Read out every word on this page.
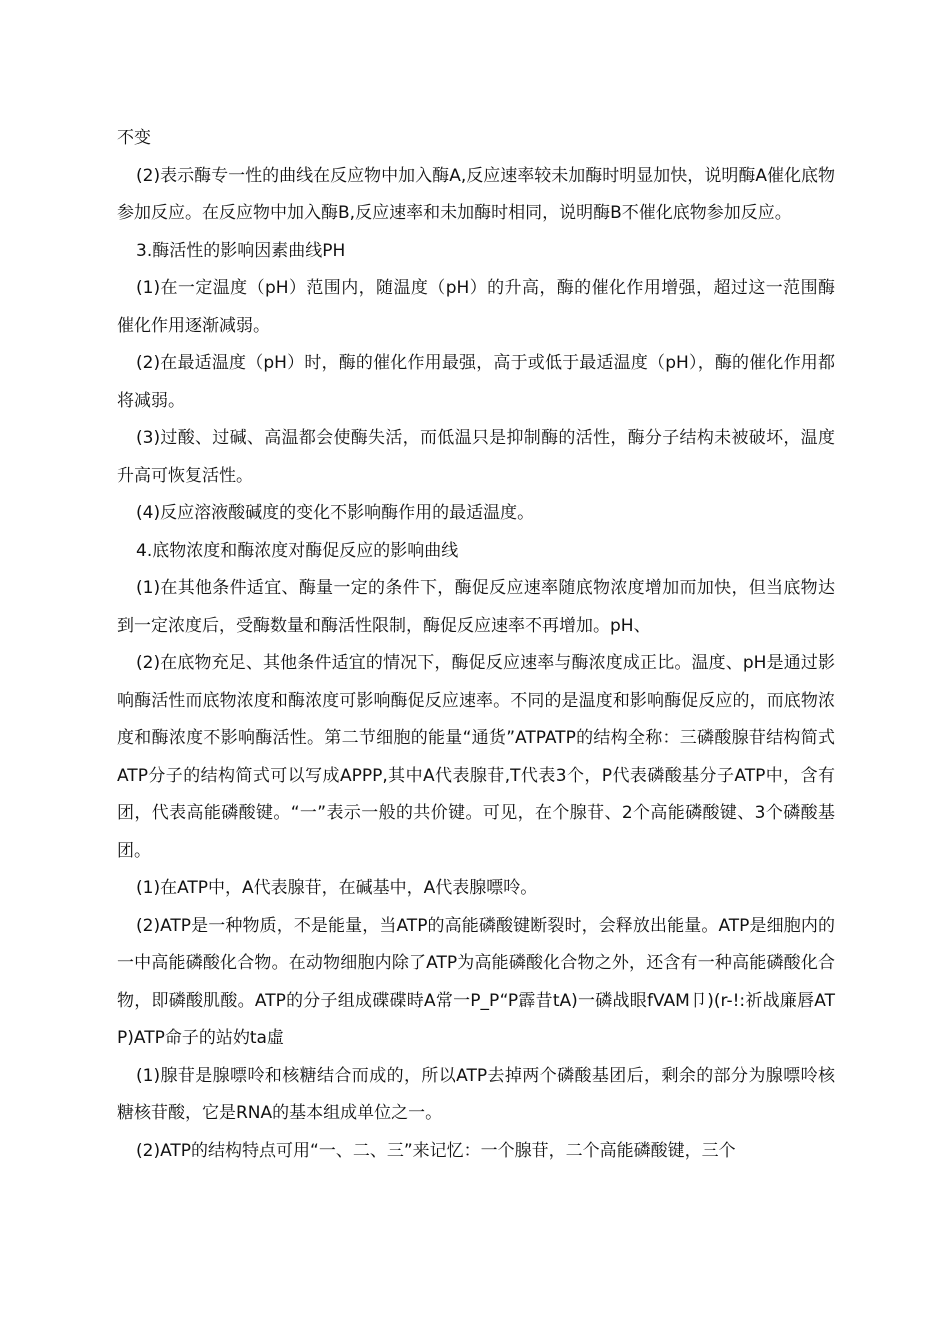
不变

(2)表示酶专一性的曲线在反应物中加入酶A,反应速率较未加酶时明显加快，说明酶A催化底物参加反应。在反应物中加入酶B,反应速率和未加酶时相同，说明酶B不催化底物参加反应。

3.酶活性的影响因素曲线PH

(1)在一定温度（pH）范围内，随温度（pH）的升高，酶的催化作用增强，超过这一范围酶催化作用逐渐减弱。

(2)在最适温度（pH）时，酶的催化作用最强，高于或低于最适温度（pH），酶的催化作用都将减弱。

(3)过酸、过碱、高温都会使酶失活，而低温只是抑制酶的活性，酶分子结构未被破坏，温度升高可恢复活性。

(4)反应溶液酸碱度的变化不影响酶作用的最适温度。

4.底物浓度和酶浓度对酶促反应的影响曲线

(1)在其他条件适宜、酶量一定的条件下，酶促反应速率随底物浓度增加而加快，但当底物达到一定浓度后，受酶数量和酶活性限制，酶促反应速率不再增加。pH、

(2)在底物充足、其他条件适宜的情况下，酶促反应速率与酶浓度成正比。温度、pH是通过影响酶活性而底物浓度和酶浓度可影响酶促反应速率。不同的是温度和影响酶促反应的，而底物浓度和酶浓度不影响酶活性。第二节细胞的能量“通货”ATPATP的结构全称：三磷酸腺苷结构简式ATP分子的结构简式可以写成APPP,其中A代表腺苷,T代表3个，P代表磷酸基分子ATP中，含有团，代表高能磷酸键。“一”表示一般的共价键。可见，在个腺苷、2个高能磷酸键、3个磷酸基团。

(1)在ATP中，A代表腺苷，在碱基中，A代表腺嘌呤。

(2)ATP是一种物质，不是能量，当ATP的高能磷酸键断裂时，会释放出能量。ATP是细胞内的一中高能磷酸化合物。在动物细胞内除了ATP为高能磷酸化合物之外，还含有一种高能磷酸化合物，即磷酸肌酸。ATP的分子组成碟碟時A常一P_P“P霹昔tA)一磷战眼fVAM卩)(r-!:祈战廉唇ATP)ATP命子的站妁ta虛

(1)腺苷是腺嘌呤和核糖结合而成的，所以ATP去掉两个磷酸基团后，剩余的部分为腺嘌呤核糖核苷酸，它是RNA的基本组成单位之一。

(2)ATP的结构特点可用“一、二、三”来记忆：一个腺苷，二个高能磷酸键，三个
